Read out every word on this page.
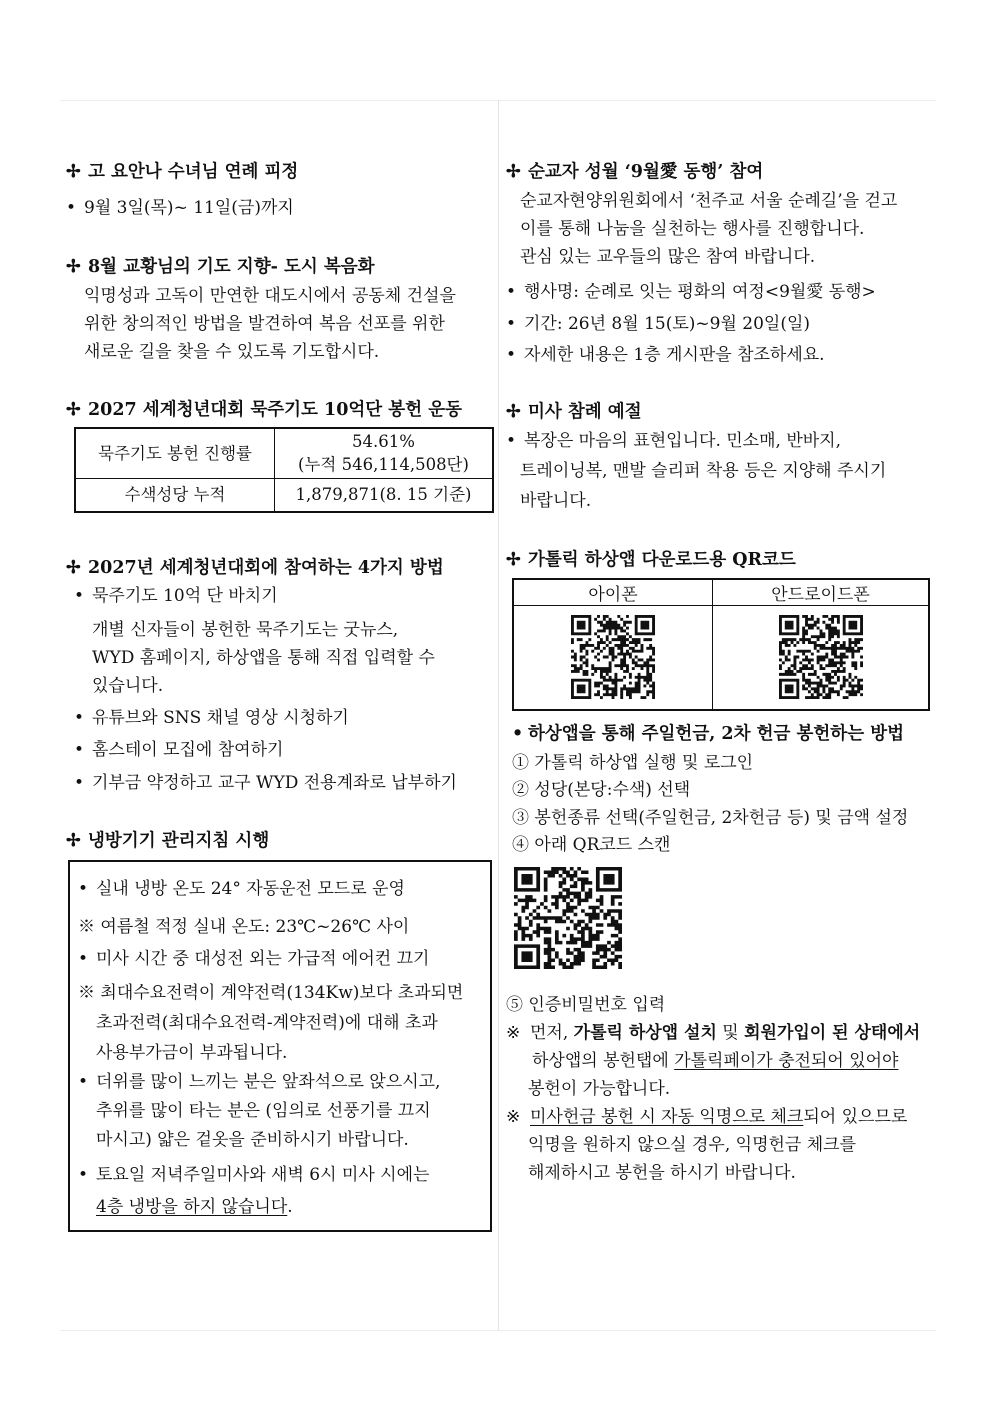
✢ 고 요안나 수녀님 연례 피정
• 9월 3일(목)~ 11일(금)까지
✢ 8월 교황님의 기도 지향- 도시 복음화
익명성과 고독이 만연한 대도시에서 공동체 건설을
위한 창의적인 방법을 발견하여 복음 선포를 위한
새로운 길을 찾을 수 있도록 기도합시다.
✢ 2027 세계청년대회 묵주기도 10억단 봉헌 운동
묵주기도 봉헌 진행률	54.61%
(누적 546,114,508단)

수색성당 누적	1,879,871(8. 15 기준)
✢ 2027년 세계청년대회에 참여하는 4가지 방법
• 묵주기도 10억 단 바치기
개별 신자들이 봉헌한 묵주기도는 굿뉴스,
WYD 홈페이지, 하상앱을 통해 직접 입력할 수
있습니다.
• 유튜브와 SNS 채널 영상 시청하기
• 홈스테이 모집에 참여하기
• 기부금 약정하고 교구 WYD 전용계좌로 납부하기
✢ 냉방기기 관리지침 시행
• 실내 냉방 온도 24° 자동운전 모드로 운영
※ 여름철 적정 실내 온도: 23℃~26℃ 사이
• 미사 시간 중 대성전 외는 가급적 에어컨 끄기
※ 최대수요전력이 계약전력(134Kw)보다 초과되면
초과전력(최대수요전력-계약전력)에 대해 초과
사용부가금이 부과됩니다.
• 더위를 많이 느끼는 분은 앞좌석으로 앉으시고,
추위를 많이 타는 분은 (임의로 선풍기를 끄지
마시고) 얇은 겉옷을 준비하시기 바랍니다.
• 토요일 저녁주일미사와 새벽 6시 미사 시에는
4층 냉방을 하지 않습니다.
✢ 순교자 성월 ‘9월愛 동행’ 참여
순교자현양위원회에서 ‘천주교 서울 순례길’을 걷고
이를 통해 나눔을 실천하는 행사를 진행합니다.
관심 있는 교우들의 많은 참여 바랍니다.
• 행사명: 순례로 잇는 평화의 여정<9월愛 동행>
• 기간: 26년 8월 15(토)~9월 20일(일)
• 자세한 내용은 1층 게시판을 참조하세요.
✢ 미사 참례 예절
• 복장은 마음의 표현입니다. 민소매, 반바지,
트레이닝복, 맨발 슬리퍼 착용 등은 지양해 주시기
바랍니다.
✢ 가톨릭 하상앱 다운로드용 QR코드
아이폰	안드로이드폰

• 하상앱을 통해 주일헌금, 2차 헌금 봉헌하는 방법
① 가톨릭 하상앱 실행 및 로그인
② 성당(본당:수색) 선택
③ 봉헌종류 선택(주일헌금, 2차헌금 등) 및 금액 설정
④ 아래 QR코드 스캔
⑤ 인증비밀번호 입력
※ 먼저, 가톨릭 하상앱 설치 및 회원가입이 된 상태에서
하상앱의 봉헌탭에 가톨릭페이가 충전되어 있어야
봉헌이 가능합니다.
※ 미사헌금 봉헌 시 자동 익명으로 체크되어 있으므로
익명을 원하지 않으실 경우, 익명헌금 체크를
해제하시고 봉헌을 하시기 바랍니다.
